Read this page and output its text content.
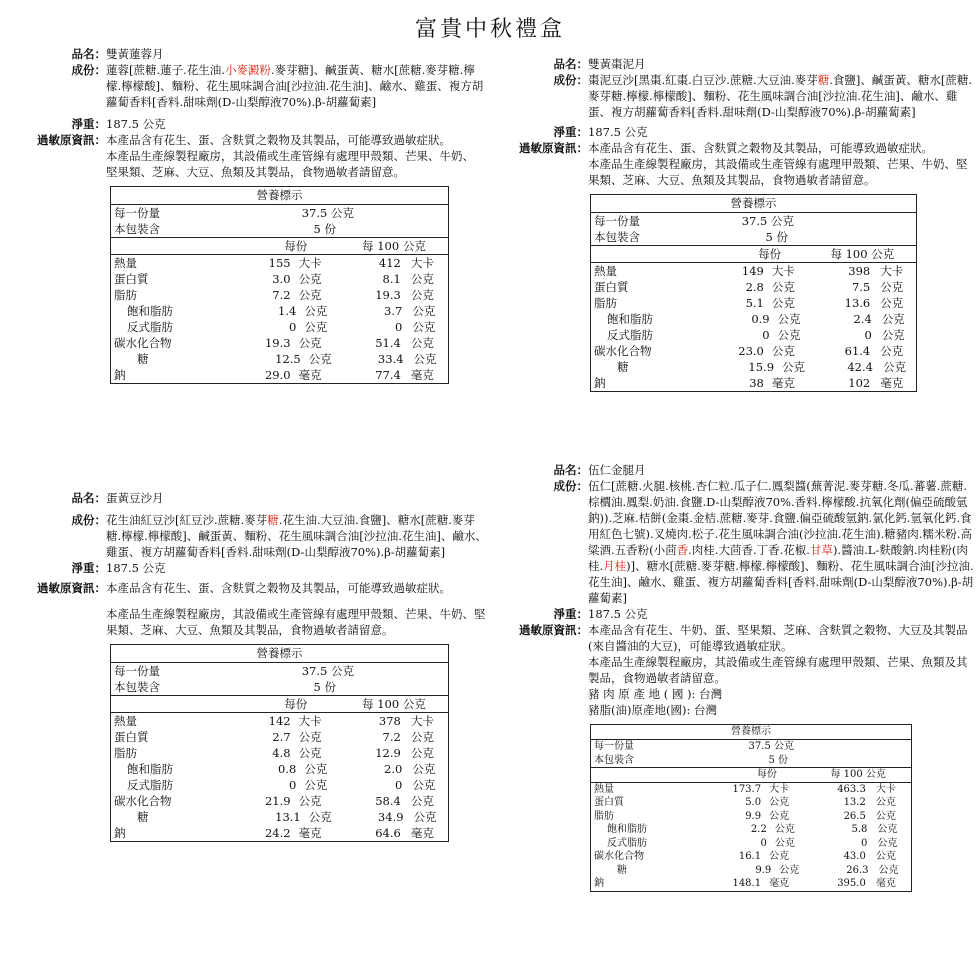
富貴中秋禮盒
品名： 雙黃蓮蓉月
成份： 蓮蓉[蔗糖.蓮子.花生油.小麥澱粉.麥芽糖]、鹹蛋黃、糖水[蔗糖.麥芽糖.檸檬.檸檬酸]、麵粉、花生風味調合油[沙拉油.花生油]、鹼水、雞蛋、複方胡蘿蔔香料[香料.甜味劑(D-山梨醇液70%).β-胡蘿蔔素]
淨重： 187.5 公克
過敏原資訊： 本產品含有花生、蛋、含麩質之穀物及其製品，可能導致過敏症狀。
本產品生產線製程廠房，其設備或生產管線有處理甲殼類、芒果、牛奶、堅果類、芝麻、大豆、魚類及其製品，食物過敏者請留意。
營養標示
每一份量	37.5 公克
本包裝含	5 份
每份	每 100 公克
熱量	155 大卡	412 大卡
蛋白質	3.0 公克	8.1 公克
脂肪	7.2 公克	19.3 公克
飽和脂肪	1.4 公克	3.7 公克
反式脂肪	0 公克	0 公克
碳水化合物	19.3 公克	51.4 公克
糖	12.5 公克	33.4 公克
鈉	29.0 毫克	77.4 毫克
品名： 雙黃棗泥月
成份： 棗泥豆沙[黑棗.紅棗.白豆沙.蔗糖.大豆油.麥芽糖.食鹽]、鹹蛋黃、糖水[蔗糖.麥芽糖.檸檬.檸檬酸]、麵粉、花生風味調合油[沙拉油.花生油]、鹼水、雞蛋、複方胡蘿蔔香料[香料.甜味劑(D-山梨醇液70%).β-胡蘿蔔素]
淨重： 187.5 公克
過敏原資訊： 本產品含有花生、蛋、含麩質之穀物及其製品，可能導致過敏症狀。
本產品生產線製程廠房，其設備或生產管線有處理甲殼類、芒果、牛奶、堅果類、芝麻、大豆、魚類及其製品，食物過敏者請留意。
營養標示
每一份量	37.5 公克
本包裝含	5 份
每份	每 100 公克
熱量	149 大卡	398 大卡
蛋白質	2.8 公克	7.5 公克
脂肪	5.1 公克	13.6 公克
飽和脂肪	0.9 公克	2.4 公克
反式脂肪	0 公克	0 公克
碳水化合物	23.0 公克	61.4 公克
糖	15.9 公克	42.4 公克
鈉	38 毫克	102 毫克
品名： 蛋黃豆沙月
成份： 花生油紅豆沙[紅豆沙.蔗糖.麥芽糖.花生油.大豆油.食鹽]、糖水[蔗糖.麥芽糖.檸檬.檸檬酸]、鹹蛋黃、麵粉、花生風味調合油[沙拉油.花生油]、鹼水、雞蛋、複方胡蘿蔔香料[香料.甜味劑(D-山梨醇液70%).β-胡蘿蔔素]
淨重： 187.5 公克
過敏原資訊： 本產品含有花生、蛋、含麩質之穀物及其製品，可能導致過敏症狀。
本產品生產線製程廠房，其設備或生產管線有處理甲殼類、芒果、牛奶、堅果類、芝麻、大豆、魚類及其製品，食物過敏者請留意。
營養標示
每一份量	37.5 公克
本包裝含	5 份
每份	每 100 公克
熱量	142 大卡	378 大卡
蛋白質	2.7 公克	7.2 公克
脂肪	4.8 公克	12.9 公克
飽和脂肪	0.8 公克	2.0 公克
反式脂肪	0 公克	0 公克
碳水化合物	21.9 公克	58.4 公克
糖	13.1 公克	34.9 公克
鈉	24.2 毫克	64.6 毫克
品名： 伍仁金腿月
成份： 伍仁[蔗糖.火腿.核桃.杏仁粒.瓜子仁.鳳梨醬(蕪菁泥.麥芽糖.冬瓜.蕃薯.蔗糖.棕櫚油.鳳梨.奶油.食鹽.D-山梨醇液70%.香料.檸檬酸.抗氧化劑(偏亞硫酸氫鈉)).芝麻.桔餅(金棗.金桔.蔗糖.麥芽.食鹽.偏亞硫酸氫鈉.氯化鈣.氫氧化鈣.食用紅色七號).叉燒肉.松子.花生風味調合油(沙拉油.花生油).糖豬肉.糯米粉.高粱酒.五香粉(小茴香.肉桂.大茴香.丁香.花椒.甘草).醬油.L-麩酸鈉.肉桂粉(肉桂.月桂)]、糖水[蔗糖.麥芽糖.檸檬.檸檬酸]、麵粉、花生風味調合油[沙拉油.花生油]、鹼水、雞蛋、複方胡蘿蔔香料[香料.甜味劑(D-山梨醇液70%).β-胡蘿蔔素]
淨重： 187.5 公克
過敏原資訊： 本產品含有花生、牛奶、蛋、堅果類、芝麻、含麩質之穀物、大豆及其製品(來自醬油的大豆)，可能導致過敏症狀。
本產品生產線製程廠房，其設備或生產管線有處理甲殼類、芒果、魚類及其製品，食物過敏者請留意。
豬 肉 原 產 地 ( 國 ): 台灣
豬脂(油)原產地(國): 台灣
營養標示
每一份量	37.5 公克
本包裝含	5 份
每份	每 100 公克
熱量	173.7 大卡	463.3	大卡
蛋白質	5.0 公克	13.2	公克
脂肪	9.9 公克	26.5	公克
飽和脂肪	2.2 公克	5.8	公克
反式脂肪	0 公克	0	公克
碳水化合物	16.1 公克	43.0	公克
糖	9.9 公克	26.3	公克
鈉	148.1 毫克	395.0	毫克
